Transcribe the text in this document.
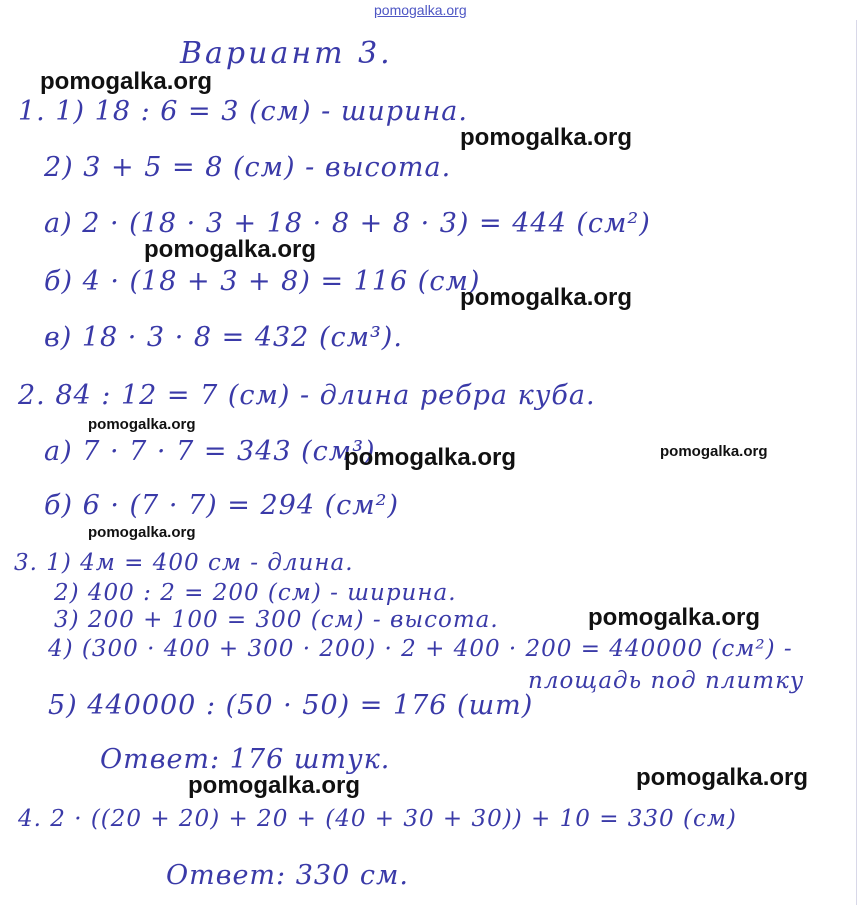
pomogalka.org
Вариант 3.
1. 1) 18 : 6 = 3 (см) - ширина.
2) 3 + 5 = 8 (см) - высота.
а) 2 · (18 · 3 + 18 · 8 + 8 · 3) = 444 (см²)
б) 4 · (18 + 3 + 8) = 116 (см)
в) 18 · 3 · 8 = 432 (см³).
2. 84 : 12 = 7 (см) - длина ребра куба.
а) 7 · 7 · 7 = 343 (см³)
б) 6 · (7 · 7) = 294 (см²)
3. 1) 4м = 400 см - длина.
2) 400 : 2 = 200 (см) - ширина.
3) 200 + 100 = 300 (см) - высота.
4) (300 · 400 + 300 · 200) · 2 + 400 · 200 = 440000 (см²) -
площадь под плитку
5) 440000 : (50 · 50) = 176 (шт)
Ответ: 176 штук.
4. 2 · ((20 + 20) + 20 + (40 + 30 + 30)) + 10 = 330 (см)
Ответ: 330 см.
pomogalka.org
pomogalka.org
pomogalka.org
pomogalka.org
pomogalka.org
pomogalka.org	pomogalka.org
pomogalka.org
pomogalka.org
pomogalka.org	pomogalka.org
